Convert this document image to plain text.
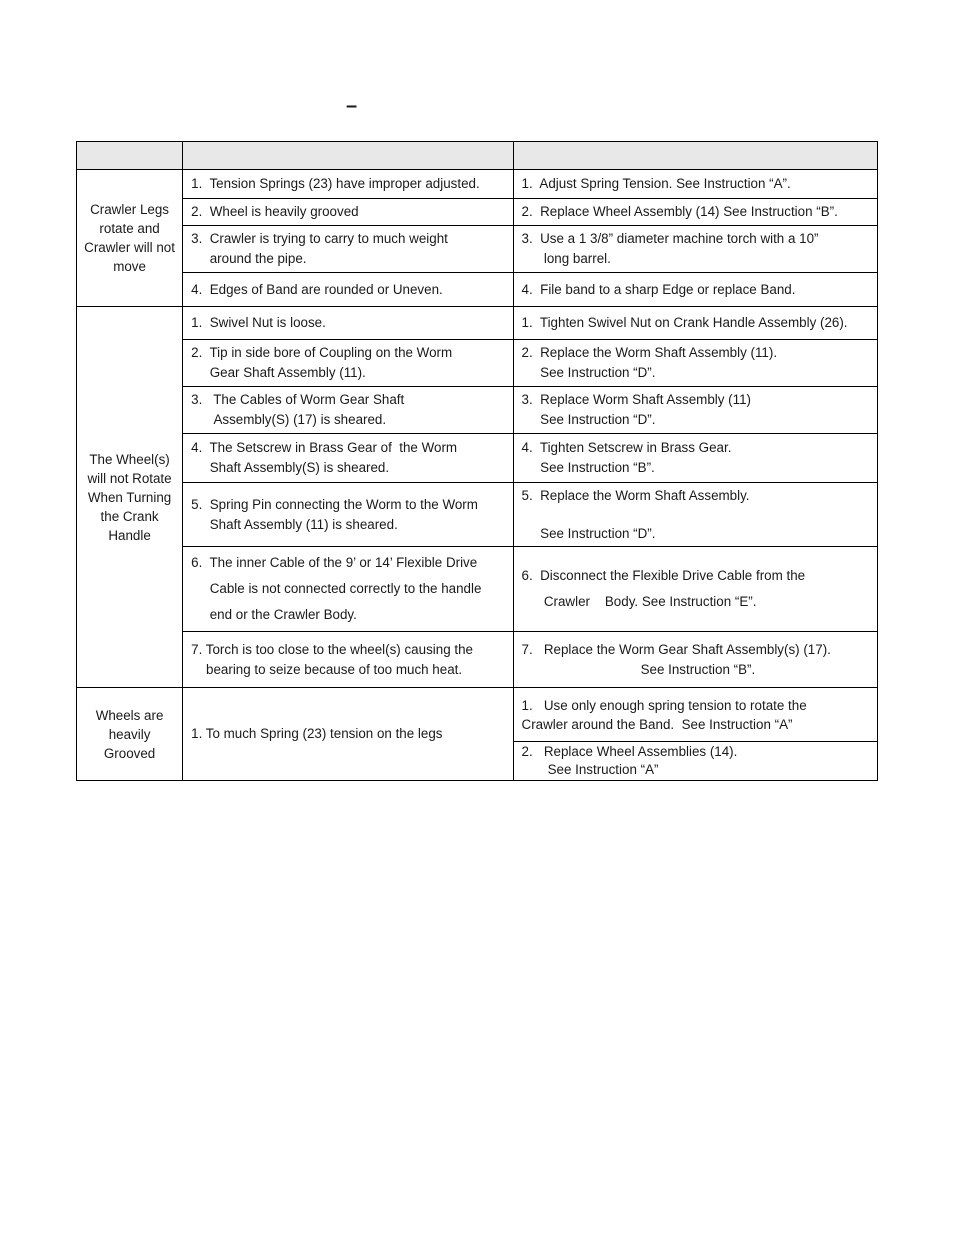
–

Crawler Legs rotate and Crawler will not move	1.  Tension Springs (23) have improper adjusted.	1.  Adjust Spring Tension. See Instruction “A”.
	2.  Wheel is heavily grooved	2.  Replace Wheel Assembly (14) See Instruction “B”.
	3.  Crawler is trying to carry to much weight
around the pipe.	3.  Use a 1 3/8” diameter machine torch with a 10”
long barrel.
	4.  Edges of Band are rounded or Uneven.	4.  File band to a sharp Edge or replace Band.
The Wheel(s) will not Rotate When Turning the Crank Handle	1.  Swivel Nut is loose.	1.  Tighten Swivel Nut on Crank Handle Assembly (26).
	2.  Tip in side bore of Coupling on the Worm
Gear Shaft Assembly (11).	2.  Replace the Worm Shaft Assembly (11).
See Instruction “D”.
	3.   The Cables of Worm Gear Shaft
Assembly(S) (17) is sheared.	3.  Replace Worm Shaft Assembly (11)
See Instruction “D”.
	4.  The Setscrew in Brass Gear of  the Worm
Shaft Assembly(S) is sheared.	4.  Tighten Setscrew in Brass Gear.
See Instruction “B”.
	5.  Spring Pin connecting the Worm to the Worm
Shaft Assembly (11) is sheared.	5.  Replace the Worm Shaft Assembly.

See Instruction “D”.
	6.  The inner Cable of the 9’ or 14’ Flexible Drive
Cable is not connected correctly to the handle
end or the Crawler Body.	6.  Disconnect the Flexible Drive Cable from the
Crawler    Body. See Instruction “E”.
	7. Torch is too close to the wheel(s) causing the
bearing to seize because of too much heat.	7.   Replace the Worm Gear Shaft Assembly(s) (17).
See Instruction “B”.
Wheels are heavily Grooved	1. To much Spring (23) tension on the legs	1.   Use only enough spring tension to rotate the
Crawler around the Band.  See Instruction “A”
		2.   Replace Wheel Assemblies (14).
See Instruction “A”
